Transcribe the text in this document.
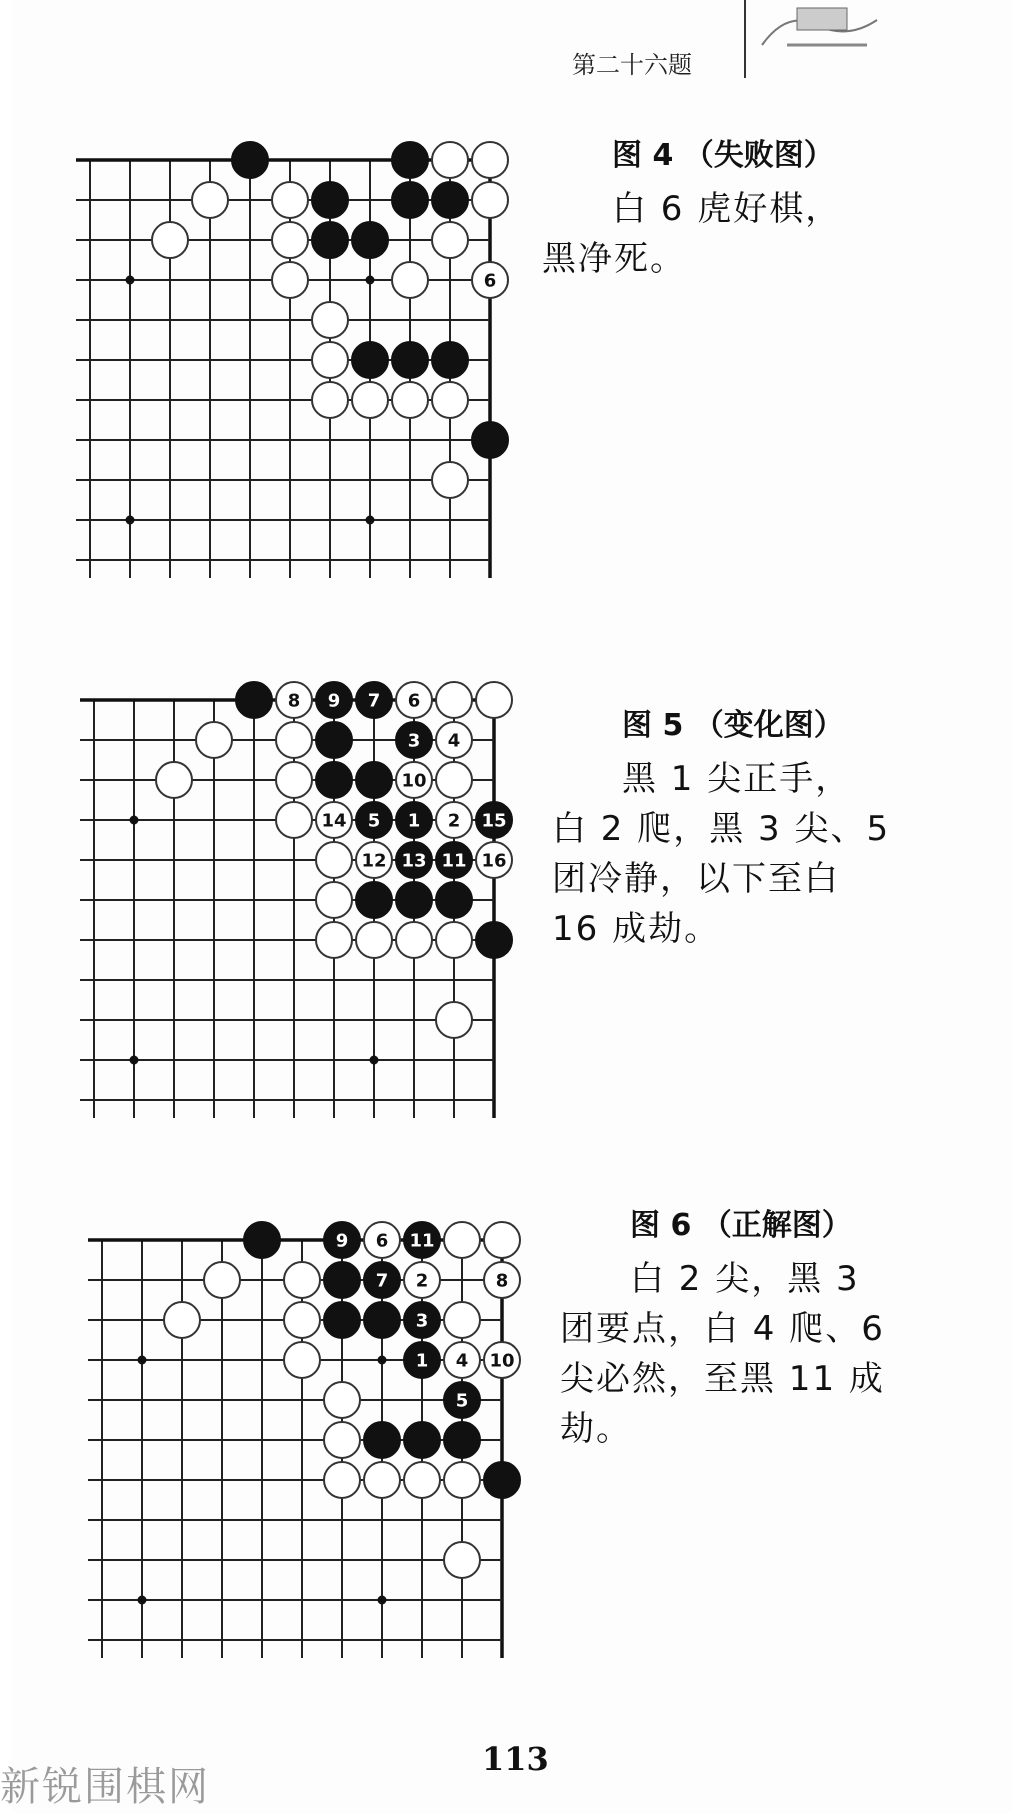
第二十六题
6
图 4 （失败图）
白 6 虎好棋，
黑净死。
8	6
4
10
14	2
12	16
9 7
3
5 1	15
13 11
图 5 （变化图）
黑 1 尖正手，
白 2 爬，黑 3 尖、5
团冷静，以下至白
16 成劫。
6
2	8
4 10
9	11
7
3
1
5
图 6 （正解图）
白 2 尖，黑 3
团要点，白 4 爬、6
尖必然，至黑 11 成
劫。
113
新锐围棋网
